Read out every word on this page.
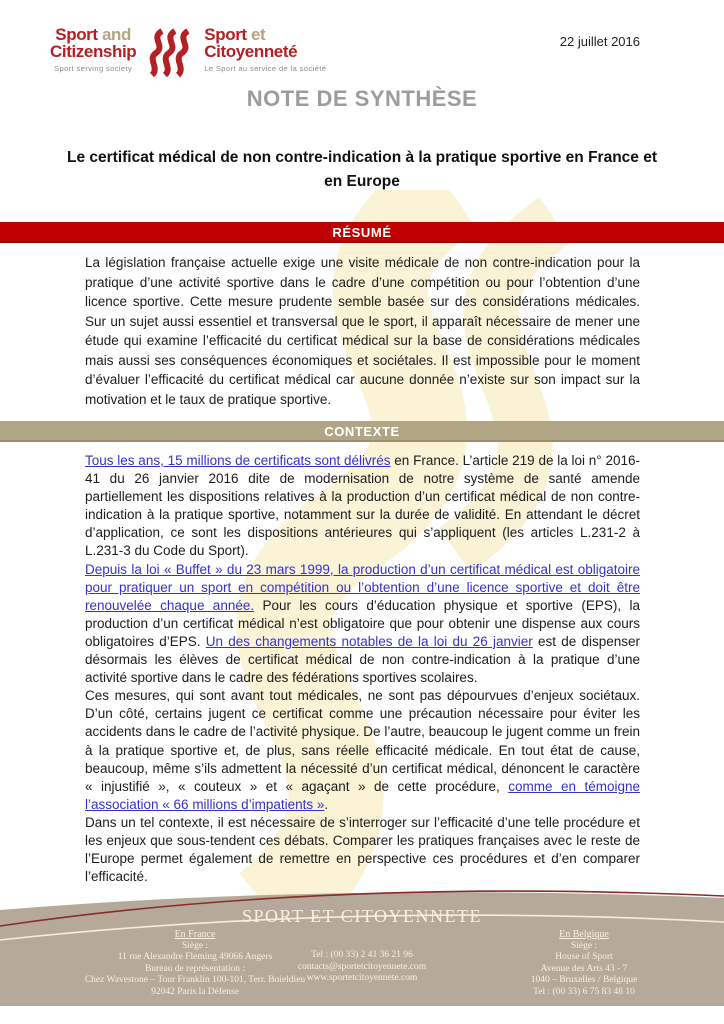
Sport and
Citizenship
Sport serving society
Sport et
Citoyenneté
Le Sport au service de la société
22 juillet 2016
NOTE DE SYNTHÈSE
Le certificat médical de non contre-indication à la pratique sportive en France et en Europe
RÉSUMÉ
La législation française actuelle exige une visite médicale de non contre-indication pour la pratique d’une activité sportive dans le cadre d’une compétition ou pour l’obtention d’une licence sportive. Cette mesure prudente semble basée sur des considérations médicales. Sur un sujet aussi essentiel et transversal que le sport, il apparaît nécessaire de mener une étude qui examine l’efficacité du certificat médical sur la base de considérations médicales mais aussi ses conséquences économiques et sociétales. Il est impossible pour le moment d’évaluer l’efficacité du certificat médical car aucune donnée n’existe sur son impact sur la motivation et le taux de pratique sportive.
CONTEXTE

Tous les ans, 15 millions de certificats sont délivrés en France. L’article 219 de la loi n° 2016-41 du 26 janvier 2016 dite de modernisation de notre système de santé amende partiellement les dispositions relatives à la production d’un certificat médical de non contre-indication à la pratique sportive, notamment sur la durée de validité. En attendant le décret d’application, ce sont les dispositions antérieures qui s’appliquent (les articles L.231-2 à L.231-3 du Code du Sport).

Depuis la loi « Buffet » du 23 mars 1999, la production d’un certificat médical est obligatoire pour pratiquer un sport en compétition ou l’obtention d’une licence sportive et doit être renouvelée chaque année. Pour les cours d’éducation physique et sportive (EPS), la production d’un certificat médical n’est obligatoire que pour obtenir une dispense aux cours obligatoires d’EPS. Un des changements notables de la loi du 26 janvier est de dispenser désormais les élèves de certificat médical de non contre-indication à la pratique d’une activité sportive dans le cadre des fédérations sportives scolaires.

Ces mesures, qui sont avant tout médicales, ne sont pas dépourvues d’enjeux sociétaux. D’un côté, certains jugent ce certificat comme une précaution nécessaire pour éviter les accidents dans le cadre de l’activité physique. De l’autre, beaucoup le jugent comme un frein à la pratique sportive et, de plus, sans réelle efficacité médicale. En tout état de cause, beaucoup, même s’ils admettent la nécessité d’un certificat médical, dénoncent le caractère « injustifié », « couteux » et « agaçant » de cette procédure, comme en témoigne l’association « 66 millions d’impatients ».

Dans un tel contexte, il est nécessaire de s’interroger sur l’efficacité d’une telle procédure et les enjeux que sous-tendent ces débats. Comparer les pratiques françaises avec le reste de l’Europe permet également de remettre en perspective ces procédures et d’en comparer l’efficacité.

SPORT ET CITOYENNETE
En France
Siège :
11 rue Alexandre Fleming 49066 Angers
Bureau de représentation :
Chez Wavestone – Tour Franklin 100-101, Terr. Boieldieu
92042 Paris la Défense
Tel : (00 33) 2 41 36 21 96
contacts@sportetcitoyennete.com
www.sportetcitoyennete.com
En Belgique
Siège :
House of Sport
Avenue des Arts 43 - 7
1040 – Bruxelles / Belgique
Tel : (00 33) 6 75 83 48 10
